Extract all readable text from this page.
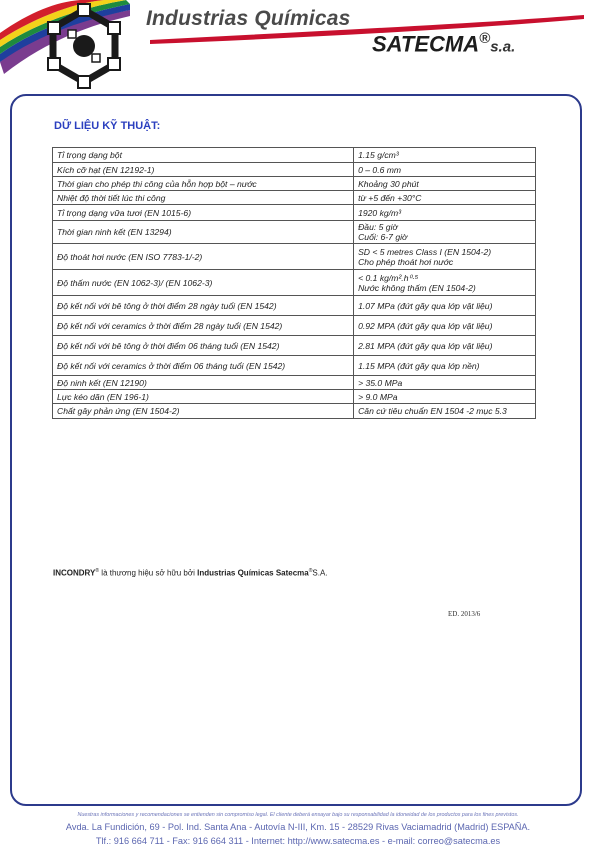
Industrias Químicas
SATECMA®s.a.
DỮ LIỆU KỸ THUẬT:
Tỉ trọng dạng bột	1.15 g/cm³

Kích cỡ hạt (EN 12192-1)	0 – 0.6 mm

Thời gian cho phép thi công của hỗn hợp bột – nước	Khoảng 30 phút

Nhiệt độ thời tiết lúc thi công	từ +5 đến +30°C

Tỉ trọng dạng vữa tươi (EN 1015-6)	1920 kg/m³

Thời gian ninh kết (EN 13294)	Đầu: 5 giờ
Cuối: 6-7 giờ

Độ thoát hơi nước (EN ISO 7783-1/-2)	SD < 5 metres Class I (EN 1504-2)
Cho phép thoát hơi nước

Độ thấm nước (EN 1062-3)/ (EN 1062-3)	< 0.1 kg/m².h⁰·⁵
Nước không thấm (EN 1504-2)

Độ kết nối với bê tông ở thời điểm 28 ngày tuổi (EN 1542)	1.07 MPa (đứt gãy qua lớp vật liệu)

Độ kết nối với ceramics ở thời điểm 28 ngày tuổi (EN 1542)	0.92 MPA (đứt gãy qua lớp vật liệu)

Độ kết nối với bê tông ở thời điểm 06 tháng tuổi (EN 1542)	2.81 MPA (đứt gãy qua lớp vật liệu)

Độ kết nối với ceramics ở thời điểm 06 tháng tuổi (EN 1542)	1.15 MPA (đứt gãy qua lớp nền)

Độ ninh kết (EN 12190)	> 35.0 MPa

Lực kéo dãn (EN 196-1)	> 9.0 MPa

Chất gây phản ứng (EN 1504-2)	Căn cứ tiêu chuẩn EN 1504 -2 mục 5.3
INCONDRY® là thương hiệu sở hữu bởi Industrias Químicas Satecma®S.A.
ED. 2013/6
Nuestras informaciones y recomendaciones se entienden sin compromiso legal. El cliente deberá ensayar bajo su responsabilidad la idoneidad de los productos para los fines previstos.
Avda. La Fundición, 69 - Pol. Ind. Santa Ana - Autovía N-III, Km. 15 - 28529 Rivas Vaciamadrid (Madrid) ESPAÑA.
Tlf.: 916 664 711 - Fax: 916 664 311 - Internet: http://www.satecma.es - e-mail: correo@satecma.es
